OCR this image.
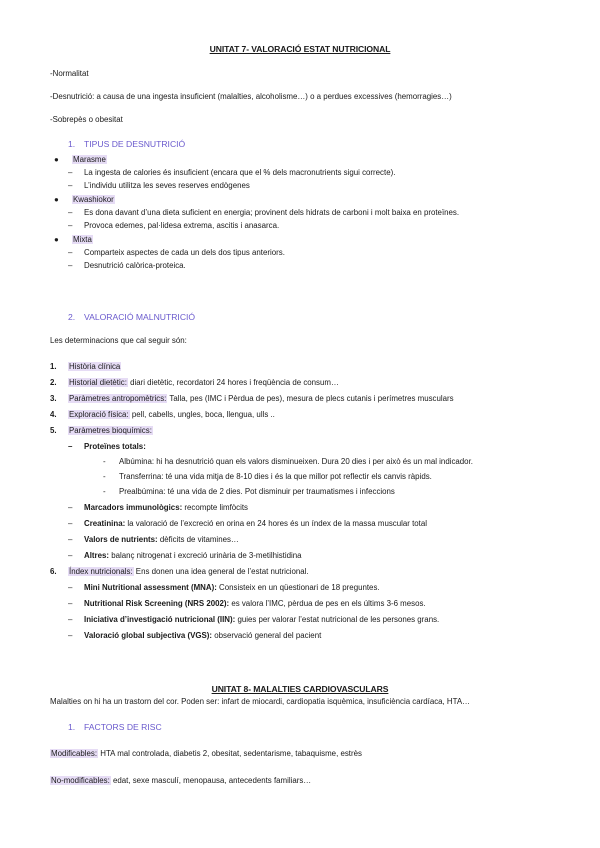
UNITAT 7- VALORACIÓ ESTAT NUTRICIONAL
-Normalitat
-Desnutrició: a causa de una ingesta insuficient (malalties, alcoholisme…) o a perdues excessives (hemorragies…)
-Sobrepès o obesitat
1. TIPUS DE DESNUTRICIÓ
● Marasme
– La ingesta de calories és insuficient (encara que el % dels macronutrients sigui correcte).
– L’individu utilitza les seves reserves endògenes
● Kwashiokor
– Es dona davant d’una dieta suficient en energia; provinent dels hidrats de carboni i molt baixa en proteïnes.
– Provoca edemes, pal·lidesa extrema, ascitis i anasarca.
● Mixta
– Comparteix aspectes de cada un dels dos tipus anteriors.
– Desnutrició calòrica-proteica.
2. VALORACIÓ MALNUTRICIÓ
Les determinacions que cal seguir són:
1. Història clínica
2. Historial dietètic: diari dietètic, recordatori 24 hores i freqüència de consum…
3. Paràmetres antropomètrics: Talla, pes (IMC i Pèrdua de pes), mesura de plecs cutanis i perímetres musculars
4. Exploració física: pell, cabells, ungles, boca, llengua, ulls ..
5. Paràmetres bioquímics:
– Proteïnes totals:
- Albúmina: hi ha desnutrició quan els valors disminueixen. Dura 20 dies i per això és un mal indicador.
- Transferrina: té una vida mitja de 8-10 dies i és la que millor pot reflectir els canvis ràpids.
- Prealbúmina: té una vida de 2 dies. Pot disminuir per traumatismes i infeccions
– Marcadors immunològics: recompte limfòcits
– Creatinina: la valoració de l’excreció en orina en 24 hores és un índex de la massa muscular total
– Valors de nutrients: dèficits de vitamines…
– Altres: balanç nitrogenat i excreció urinària de 3-metilhistidina
6. Índex nutricionals: Ens donen una idea general de l’estat nutricional.
– Mini Nutritional assessment (MNA): Consisteix en un qüestionari de 18 preguntes.
– Nutritional Risk Screening (NRS 2002): es valora l’IMC, pèrdua de pes en els últims 3-6 mesos.
– Iniciativa d’investigació nutricional (IIN): guies per valorar l’estat nutricional de les persones grans.
– Valoració global subjectiva (VGS): observació general del pacient
UNITAT 8- MALALTIES CARDIOVASCULARS
Malalties on hi ha un trastorn del cor. Poden ser: infart de miocardi, cardiopatia isquèmica, insuficiència cardíaca, HTA…
1. FACTORS DE RISC
Modificables: HTA mal controlada, diabetis 2, obesitat, sedentarisme, tabaquisme, estrès
No-modificables: edat, sexe masculí, menopausa, antecedents familiars…
